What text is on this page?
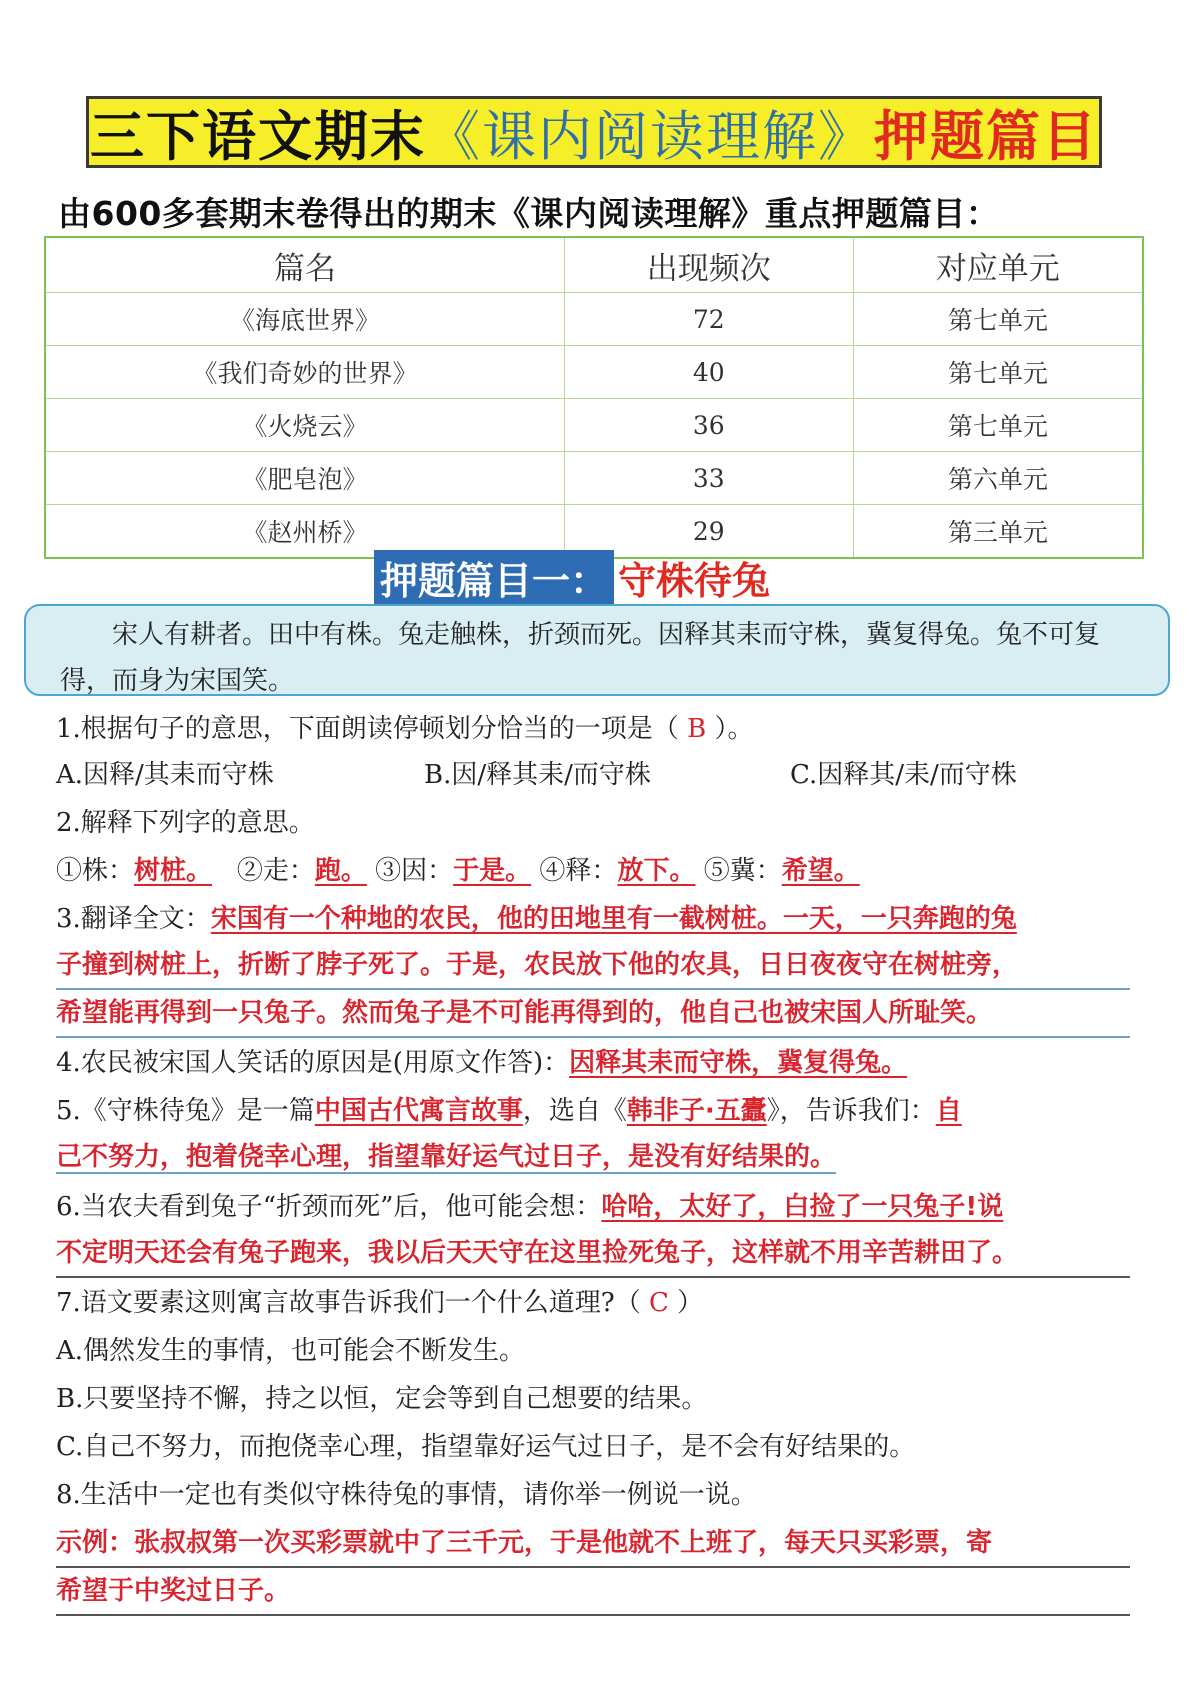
三下语文期末 《课内阅读理解》 押题篇目
由600多套期末卷得出的期末《课内阅读理解》重点押题篇目：
篇名	出现频次	对应单元
《海底世界》	72	第七单元
《我们奇妙的世界》	40	第七单元
《火烧云》	36	第七单元
《肥皂泡》	33	第六单元
《赵州桥》	29	第三单元
押题篇目一： 守株待兔
宋人有耕者。田中有株。兔走触株，折颈而死。因释其耒而守株，冀复得兔。兔不可复得，而身为宋国笑。
1.根据句子的意思，下面朗读停顿划分恰当的一项是（ B ）。
A.因释/其耒而守株	B.因/释其耒/而守株	C.因释其/耒/而守株
2.解释下列字的意思。
①株：树桩。 ②走：跑。 ③因：于是。 ④释：放下。 ⑤冀：希望。
3.翻译全文：宋国有一个种地的农民，他的田地里有一截树桩。一天，一只奔跑的兔
子撞到树桩上，折断了脖子死了。于是，农民放下他的农具，日日夜夜守在树桩旁，
希望能再得到一只兔子。然而兔子是不可能再得到的，他自己也被宋国人所耻笑。
4.农民被宋国人笑话的原因是(用原文作答)：因释其耒而守株，冀复得兔。
5.《守株待兔》是一篇中国古代寓言故事，选自《韩非子·五蠹》，告诉我们：自
己不努力，抱着侥幸心理，指望靠好运气过日子，是没有好结果的。
6.当农夫看到兔子“折颈而死”后，他可能会想：哈哈，太好了，白捡了一只兔子!说
不定明天还会有兔子跑来，我以后天天守在这里捡死兔子，这样就不用辛苦耕田了。
7.语文要素这则寓言故事告诉我们一个什么道理?（ C ）
A.偶然发生的事情，也可能会不断发生。
B.只要坚持不懈，持之以恒，定会等到自己想要的结果。
C.自己不努力，而抱侥幸心理，指望靠好运气过日子，是不会有好结果的。
8.生活中一定也有类似守株待兔的事情，请你举一例说一说。
示例：张叔叔第一次买彩票就中了三千元，于是他就不上班了，每天只买彩票，寄
希望于中奖过日子。
